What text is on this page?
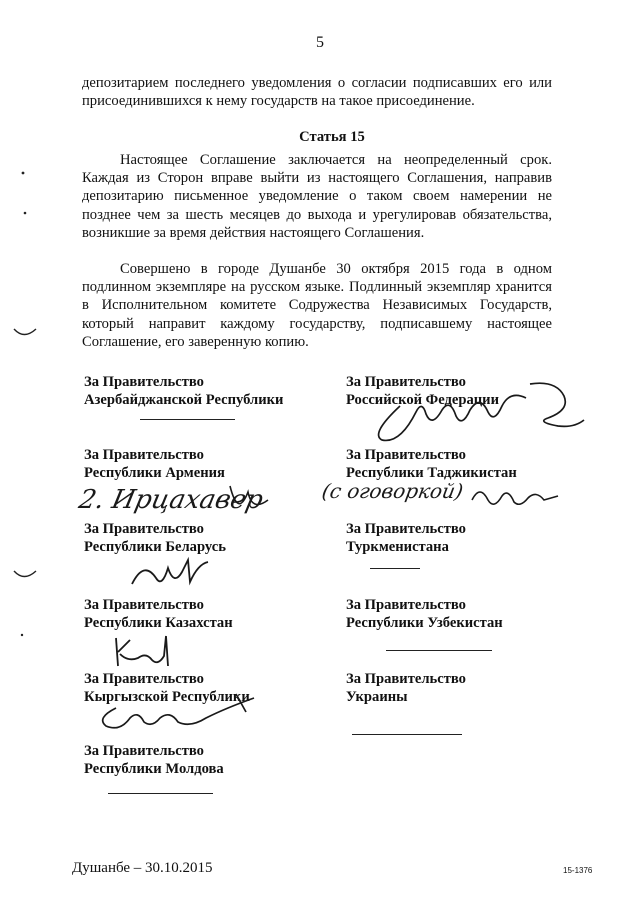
5
депозитарием последнего уведомления о согласии подписавших его или присоединившихся к нему государств на такое присоединение.
Статья 15
Настоящее Соглашение заключается на неопределенный срок. Каждая из Сторон вправе выйти из настоящего Соглашения, направив депозитарию письменное уведомление о таком своем намерении не позднее чем за шесть месяцев до выхода и урегулировав обязательства, возникшие за время действия настоящего Соглашения.
Совершено в городе Душанбе 30 октября 2015 года в одном подлинном экземпляре на русском языке. Подлинный экземпляр хранится в Исполнительном комитете Содружества Независимых Государств, который направит каждому государству, подписавшему настоящее Соглашение, его заверенную копию.
За Правительство
Азербайджанской Республики
За Правительство
Республики Армения
2. Ирцахавер
За Правительство
Республики Беларусь
За Правительство
Республики Казахстан
За Правительство
Кыргызской Республики
За Правительство
Республики Молдова
За Правительство
Российской Федерации
За Правительство
Республики Таджикистан
(с оговоркой)
За Правительство
Туркменистана
За Правительство
Республики Узбекистан
За Правительство
Украины
Душанбе – 30.10.2015	15-1376
